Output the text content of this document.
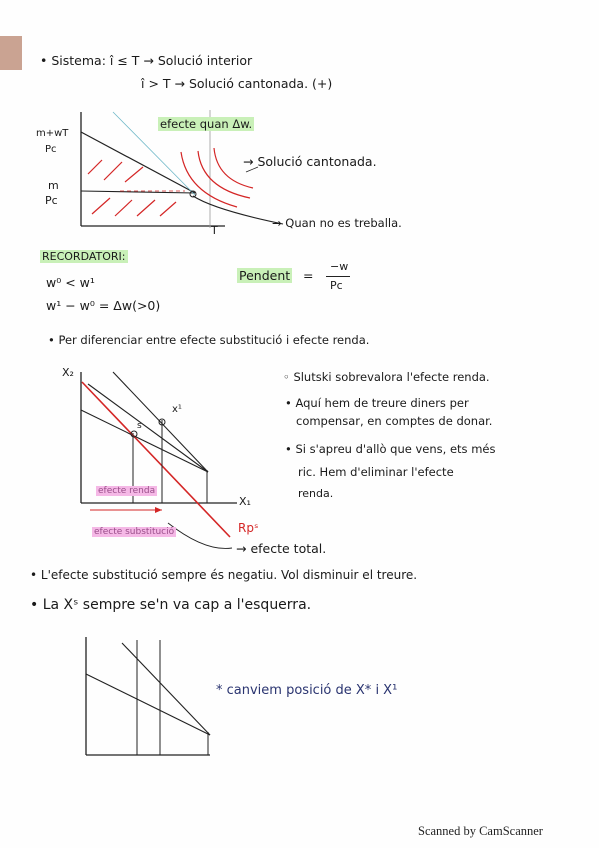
• Sistema: î ≤ T → Solució interior
î > T → Solució cantonada. (+)
efecte quan Δw.
m+wT
Pc
m
Pc
T
→ Solució cantonada.
→ Quan no es treballa.
RECORDATORI:
w⁰ < w¹
w¹ − w⁰ = Δw(>0)
Pendent =
−w
Pc
• Per diferenciar entre efecte substitució i efecte renda.
X₂
X₁
Rpˢ
s
x¹
efecte renda
efecte substitució
→ efecte total.
◦ Slutski sobrevalora l'efecte renda.
• Aquí hem de treure diners per
compensar, en comptes de donar.
• Si s'apreu d'allò que vens, ets més
ric. Hem d'eliminar l'efecte
renda.
• L'efecte substitució sempre és negatiu. Vol disminuir el treure.
• La Xˢ sempre se'n va cap a l'esquerra.
* canviem posició de X* i X¹
Scanned by CamScanner
